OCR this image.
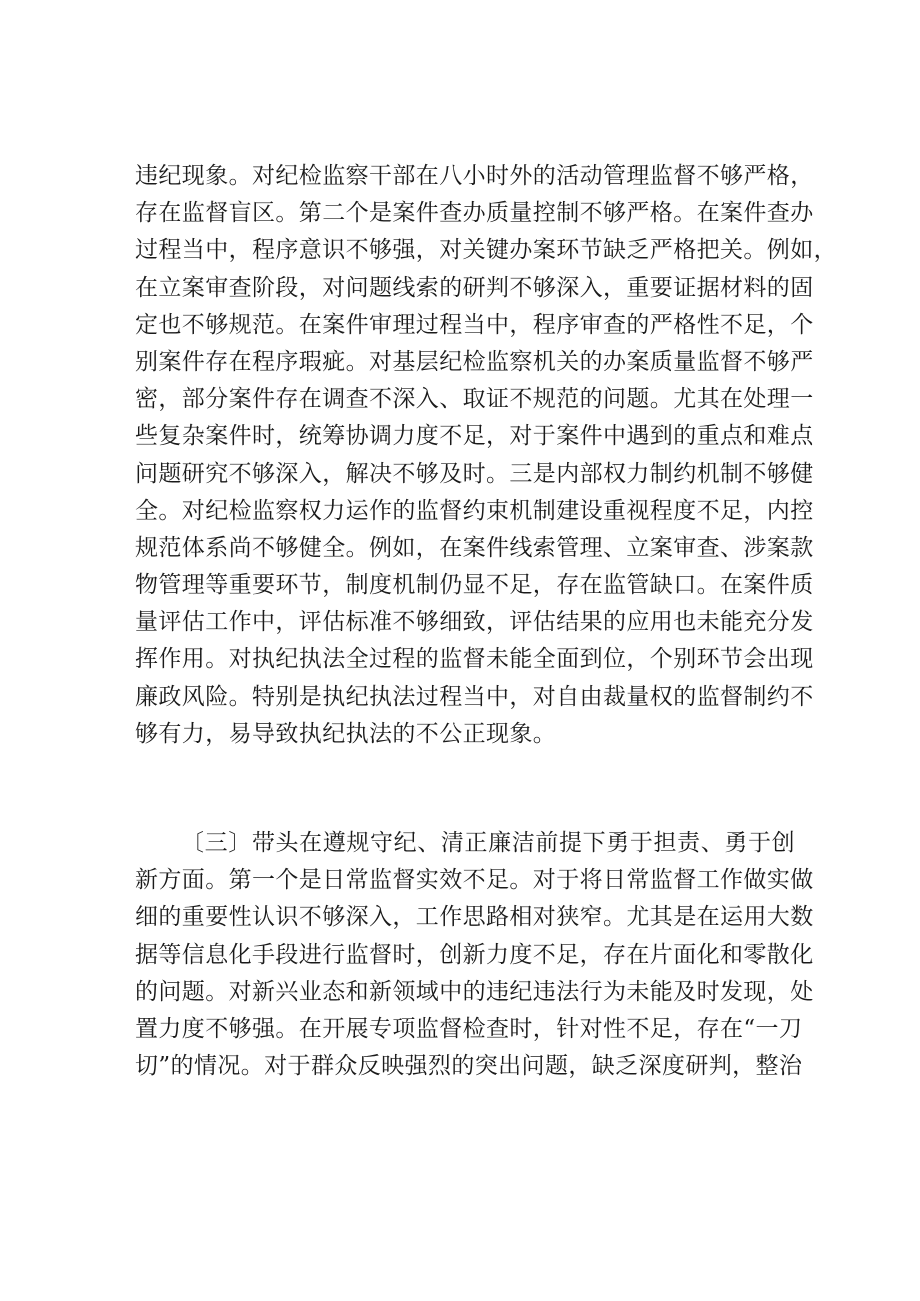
违纪现象。对纪检监察干部在八小时外的活动管理监督不够严格，
存在监督盲区。第二个是案件查办质量控制不够严格。在案件查办
过程当中，程序意识不够强，对关键办案环节缺乏严格把关。例如，
在立案审查阶段，对问题线索的研判不够深入，重要证据材料的固
定也不够规范。在案件审理过程当中，程序审查的严格性不足，个
别案件存在程序瑕疵。对基层纪检监察机关的办案质量监督不够严
密，部分案件存在调查不深入、取证不规范的问题。尤其在处理一
些复杂案件时，统筹协调力度不足，对于案件中遇到的重点和难点
问题研究不够深入，解决不够及时。三是内部权力制约机制不够健
全。对纪检监察权力运作的监督约束机制建设重视程度不足，内控
规范体系尚不够健全。例如，在案件线索管理、立案审查、涉案款
物管理等重要环节，制度机制仍显不足，存在监管缺口。在案件质
量评估工作中，评估标准不够细致，评估结果的应用也未能充分发
挥作用。对执纪执法全过程的监督未能全面到位，个别环节会出现
廉政风险。特别是执纪执法过程当中，对自由裁量权的监督制约不
够有力，易导致执纪执法的不公正现象。
〔三〕带头在遵规守纪、清正廉洁前提下勇于担责、勇于创
新方面。第一个是日常监督实效不足。对于将日常监督工作做实做
细的重要性认识不够深入，工作思路相对狭窄。尤其是在运用大数
据等信息化手段进行监督时，创新力度不足，存在片面化和零散化
的问题。对新兴业态和新领域中的违纪违法行为未能及时发现，处
置力度不够强。在开展专项监督检查时，针对性不足，存在“一刀
切”的情况。对于群众反映强烈的突出问题，缺乏深度研判，整治
